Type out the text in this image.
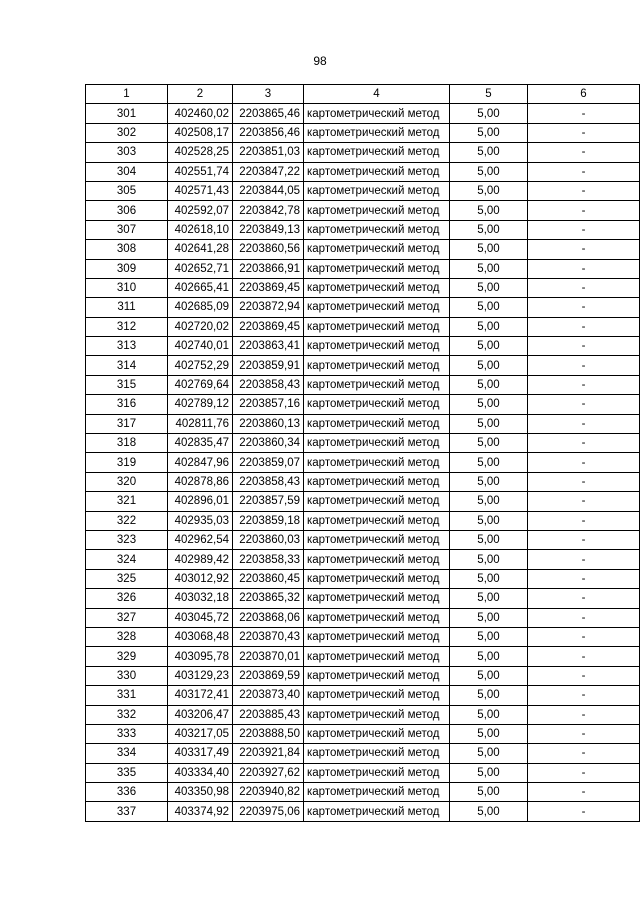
98
1	2	3	4	5	6
301	402460,02	2203865,46	картометрический метод	5,00	-
302	402508,17	2203856,46	картометрический метод	5,00	-
303	402528,25	2203851,03	картометрический метод	5,00	-
304	402551,74	2203847,22	картометрический метод	5,00	-
305	402571,43	2203844,05	картометрический метод	5,00	-
306	402592,07	2203842,78	картометрический метод	5,00	-
307	402618,10	2203849,13	картометрический метод	5,00	-
308	402641,28	2203860,56	картометрический метод	5,00	-
309	402652,71	2203866,91	картометрический метод	5,00	-
310	402665,41	2203869,45	картометрический метод	5,00	-
311	402685,09	2203872,94	картометрический метод	5,00	-
312	402720,02	2203869,45	картометрический метод	5,00	-
313	402740,01	2203863,41	картометрический метод	5,00	-
314	402752,29	2203859,91	картометрический метод	5,00	-
315	402769,64	2203858,43	картометрический метод	5,00	-
316	402789,12	2203857,16	картометрический метод	5,00	-
317	402811,76	2203860,13	картометрический метод	5,00	-
318	402835,47	2203860,34	картометрический метод	5,00	-
319	402847,96	2203859,07	картометрический метод	5,00	-
320	402878,86	2203858,43	картометрический метод	5,00	-
321	402896,01	2203857,59	картометрический метод	5,00	-
322	402935,03	2203859,18	картометрический метод	5,00	-
323	402962,54	2203860,03	картометрический метод	5,00	-
324	402989,42	2203858,33	картометрический метод	5,00	-
325	403012,92	2203860,45	картометрический метод	5,00	-
326	403032,18	2203865,32	картометрический метод	5,00	-
327	403045,72	2203868,06	картометрический метод	5,00	-
328	403068,48	2203870,43	картометрический метод	5,00	-
329	403095,78	2203870,01	картометрический метод	5,00	-
330	403129,23	2203869,59	картометрический метод	5,00	-
331	403172,41	2203873,40	картометрический метод	5,00	-
332	403206,47	2203885,43	картометрический метод	5,00	-
333	403217,05	2203888,50	картометрический метод	5,00	-
334	403317,49	2203921,84	картометрический метод	5,00	-
335	403334,40	2203927,62	картометрический метод	5,00	-
336	403350,98	2203940,82	картометрический метод	5,00	-
337	403374,92	2203975,06	картометрический метод	5,00	-
